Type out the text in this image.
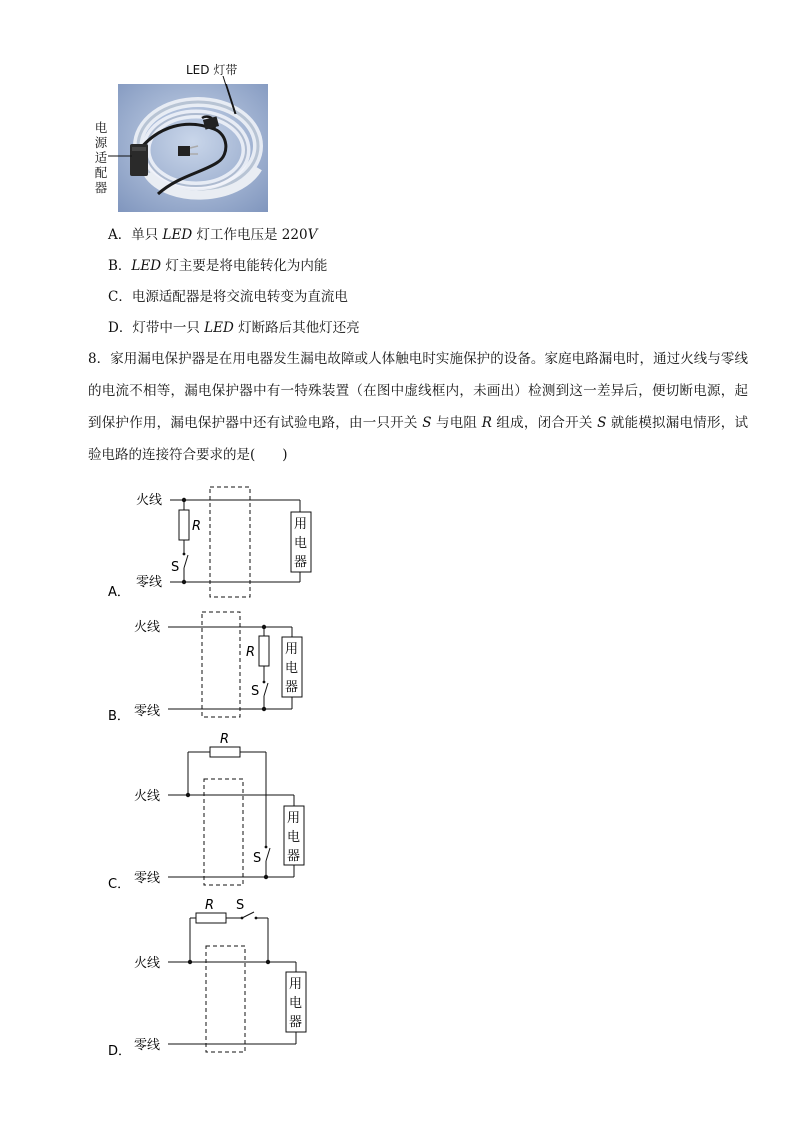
LED 灯带
电源适配器
A．单只 LED 灯工作电压是 220V
B．LED 灯主要是将电能转化为内能
C．电源适配器是将交流电转变为直流电
D．灯带中一只 LED 灯断路后其他灯还亮
8．家用漏电保护器是在用电器发生漏电故障或人体触电时实施保护的设备。家庭电路漏电时，通过火线与零线的电流不相等，漏电保护器中有一特殊装置（在图中虚线框内，未画出）检测到这一差异后，便切断电源，起到保护作用，漏电保护器中还有试验电路，由一只开关 S 与电阻 R 组成，闭合开关 S 就能模拟漏电情形，试验电路的连接符合要求的是(　　)
火线
零线
R
S
用
电
器
A．
火线
零线
R
S
用
电
器
B．
火线
零线
R
S
用
电
器
C．
火线
零线
R S
用
电
器
D．
